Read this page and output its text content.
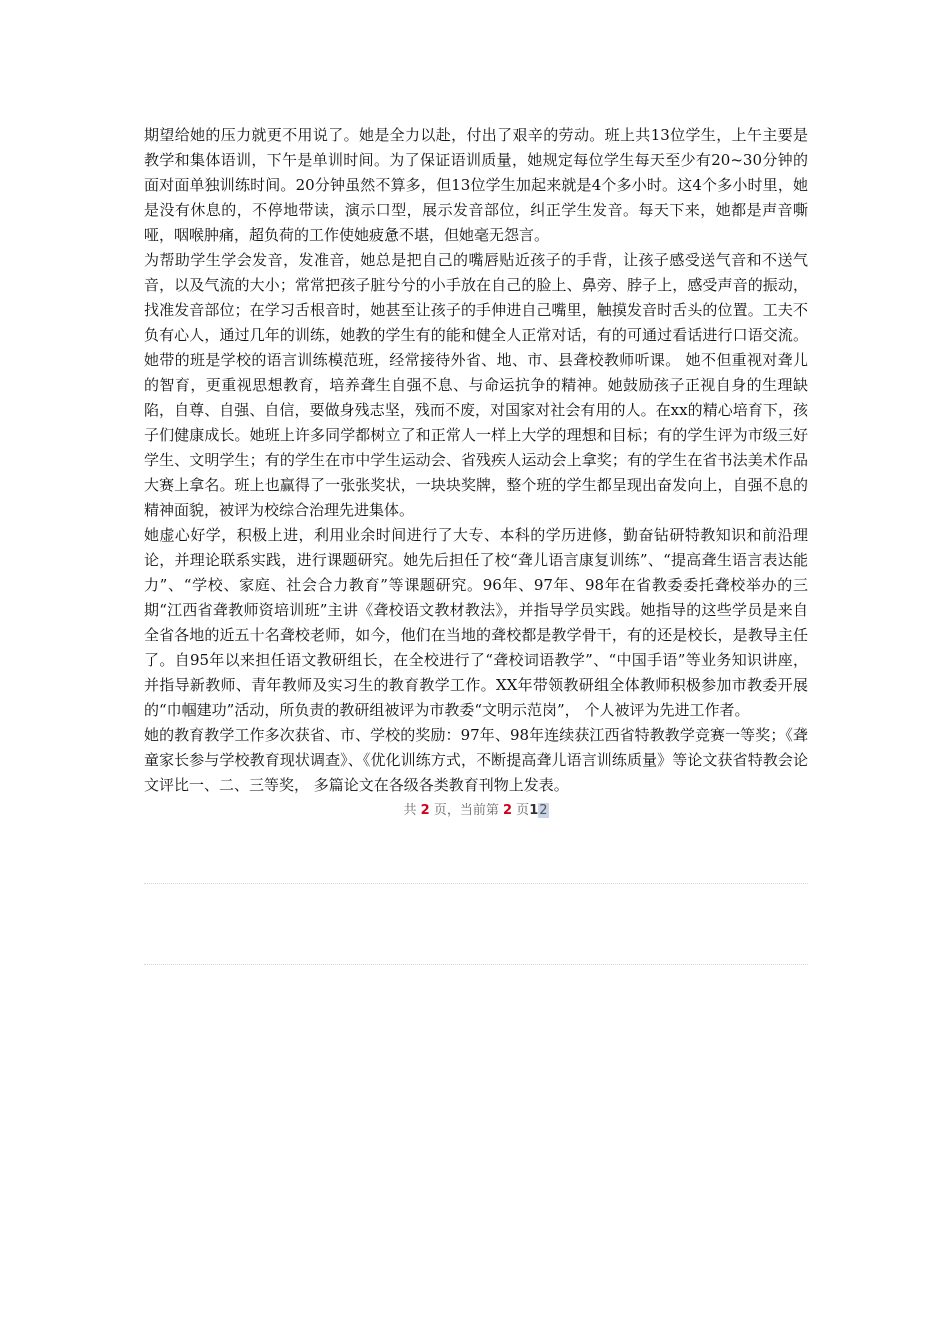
期望给她的压力就更不用说了。她是全力以赴，付出了艰辛的劳动。班上共13位学生，上午主要是教学和集体语训，下午是单训时间。为了保证语训质量，她规定每位学生每天至少有20~30分钟的面对面单独训练时间。20分钟虽然不算多，但13位学生加起来就是4个多小时。这4个多小时里，她是没有休息的，不停地带读，演示口型，展示发音部位，纠正学生发音。每天下来，她都是声音嘶哑，咽喉肿痛，超负荷的工作使她疲惫不堪，但她毫无怨言。

为帮助学生学会发音，发准音，她总是把自己的嘴唇贴近孩子的手背，让孩子感受送气音和不送气音，以及气流的大小；常常把孩子脏兮兮的小手放在自己的脸上、鼻旁、脖子上，感受声音的振动，找准发音部位；在学习舌根音时，她甚至让孩子的手伸进自己嘴里，触摸发音时舌头的位置。工夫不负有心人，通过几年的训练，她教的学生有的能和健全人正常对话，有的可通过看话进行口语交流。她带的班是学校的语言训练模范班，经常接待外省、地、市、县聋校教师听课。 她不但重视对聋儿的智育，更重视思想教育，培养聋生自强不息、与命运抗争的精神。她鼓励孩子正视自身的生理缺陷，自尊、自强、自信，要做身残志坚，残而不废，对国家对社会有用的人。在xx的精心培育下，孩子们健康成长。她班上许多同学都树立了和正常人一样上大学的理想和目标；有的学生评为市级三好学生、文明学生；有的学生在市中学生运动会、省残疾人运动会上拿奖；有的学生在省书法美术作品大赛上拿名。班上也赢得了一张张奖状，一块块奖牌，整个班的学生都呈现出奋发向上，自强不息的精神面貌，被评为校综合治理先进集体。

她虚心好学，积极上进，利用业余时间进行了大专、本科的学历进修，勤奋钻研特教知识和前沿理论，并理论联系实践，进行课题研究。她先后担任了校“聋儿语言康复训练”、“提高聋生语言表达能力”、“学校、家庭、社会合力教育”等课题研究。96年、97年、98年在省教委委托聋校举办的三期“江西省聋教师资培训班”主讲《聋校语文教材教法》，并指导学员实践。她指导的这些学员是来自全省各地的近五十名聋校老师，如今，他们在当地的聋校都是教学骨干，有的还是校长，是教导主任了。自95年以来担任语文教研组长，在全校进行了“聋校词语教学”、“中国手语”等业务知识讲座，并指导新教师、青年教师及实习生的教育教学工作。XX年带领教研组全体教师积极参加市教委开展的“巾帼建功”活动，所负责的教研组被评为市教委“文明示范岗”， 个人被评为先进工作者。

她的教育教学工作多次获省、市、学校的奖励：97年、98年连续获江西省特教教学竞赛一等奖；《聋童家长参与学校教育现状调查》、《优化训练方式，不断提高聋儿语言训练质量》等论文获省特教会论文评比一、二、三等奖， 多篇论文在各级各类教育刊物上发表。

共 2 页，当前第 2 页12
